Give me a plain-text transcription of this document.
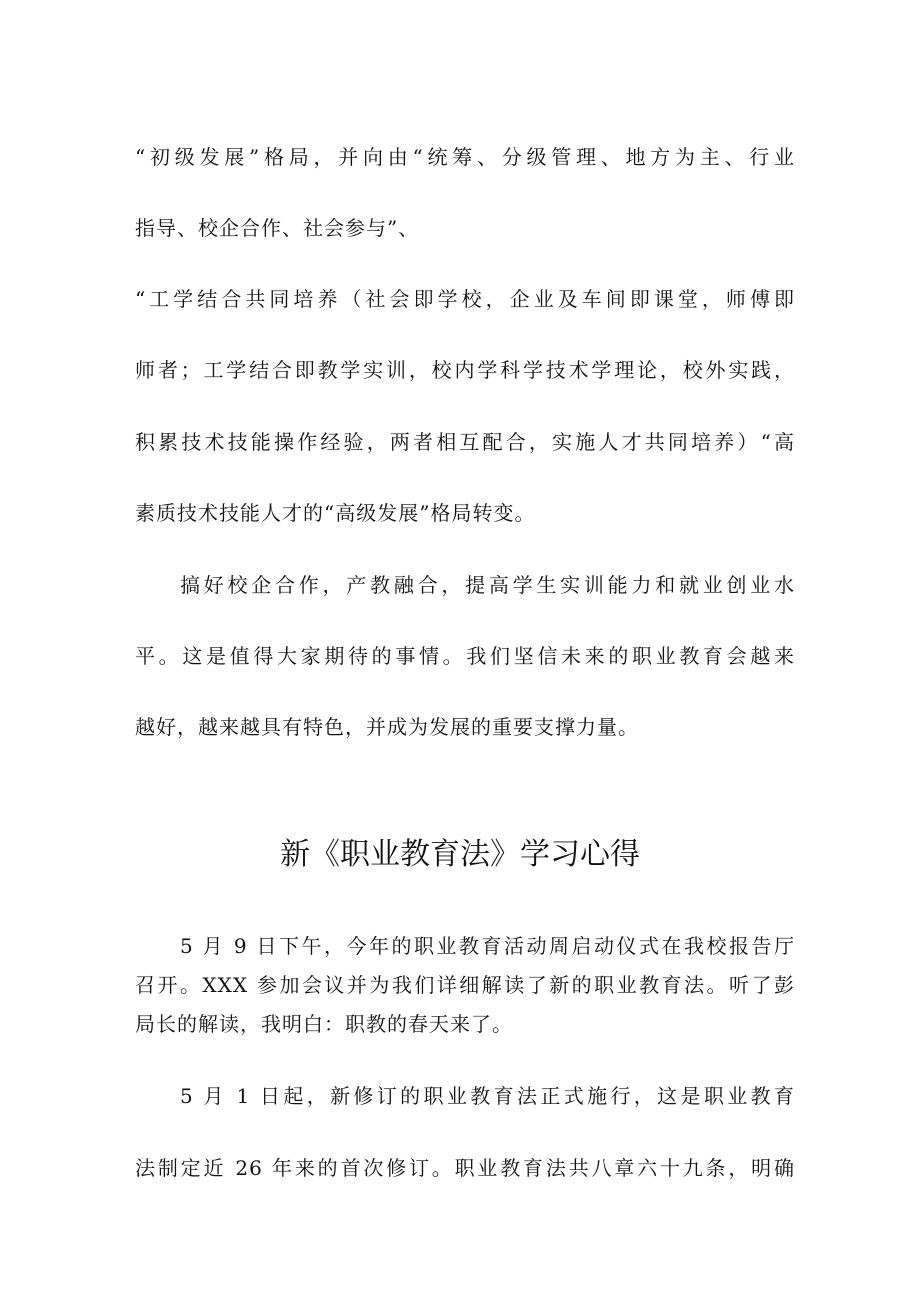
“初级发展”格局，并向由“统筹、分级管理、地方为主、行业
指导、校企合作、社会参与”、
“工学结合共同培养（社会即学校，企业及车间即课堂，师傅即
师者；工学结合即教学实训，校内学科学技术学理论，校外实践，
积累技术技能操作经验，两者相互配合，实施人才共同培养）“高
素质技术技能人才的“高级发展”格局转变。
搞好校企合作，产教融合，提高学生实训能力和就业创业水
平。这是值得大家期待的事情。我们坚信未来的职业教育会越来
越好，越来越具有特色，并成为发展的重要支撑力量。
新《职业教育法》学习心得
5 月 9 日下午，今年的职业教育活动周启动仪式在我校报告厅
召开。XXX 参加会议并为我们详细解读了新的职业教育法。听了彭
局长的解读，我明白：职教的春天来了。
5 月 1 日起，新修订的职业教育法正式施行，这是职业教育
法制定近 26 年来的首次修订。职业教育法共八章六十九条，明确
